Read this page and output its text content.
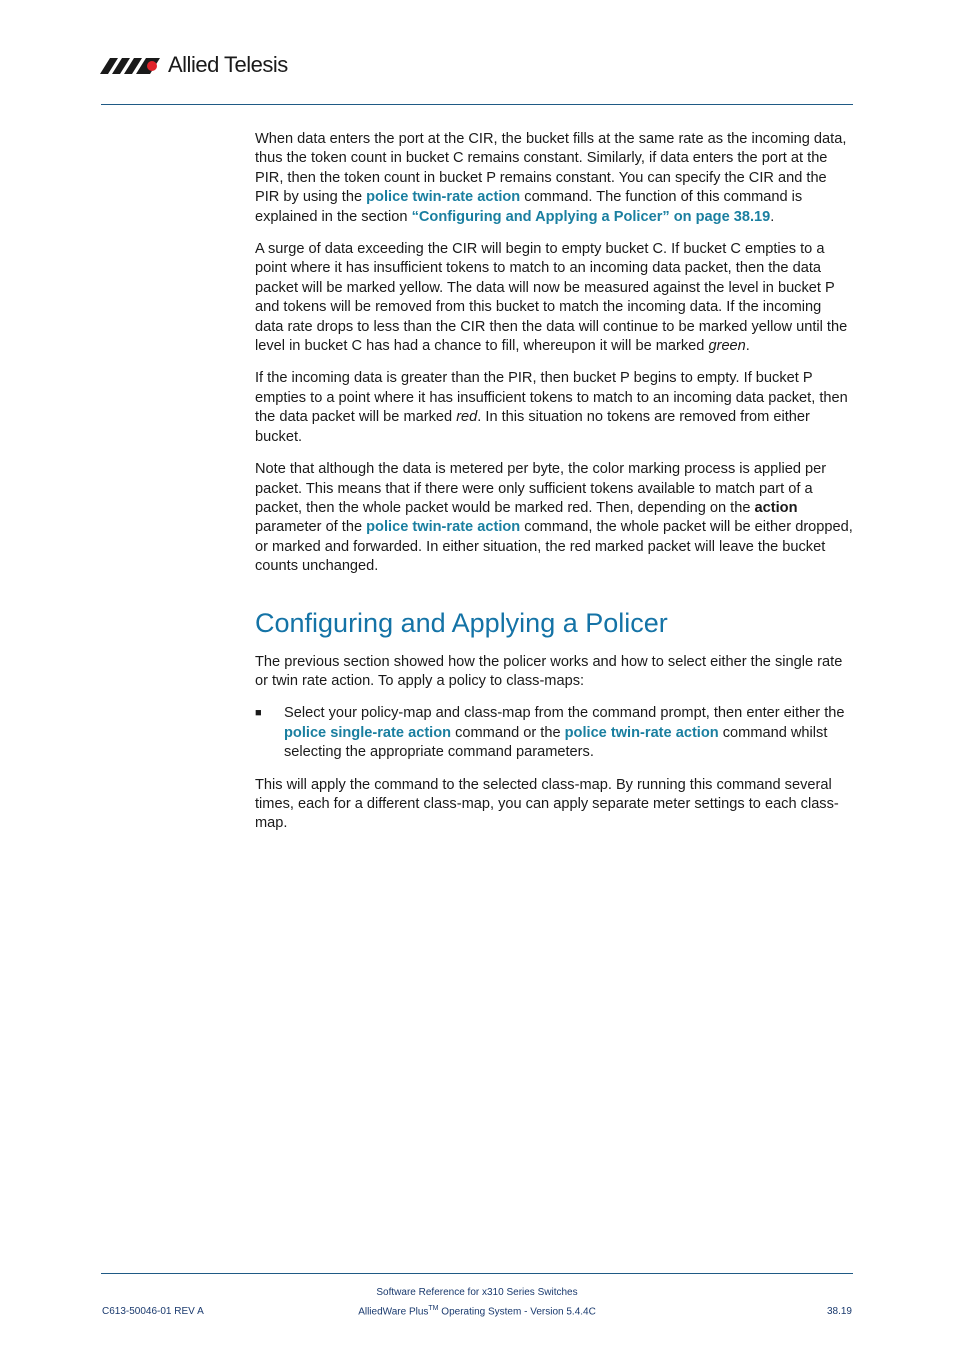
Allied Telesis

When data enters the port at the CIR, the bucket fills at the same rate as the incoming data, thus the token count in bucket C remains constant. Similarly, if data enters the port at the PIR, then the token count in bucket P remains constant. You can specify the CIR and the PIR by using the police twin-rate action command. The function of this command is explained in the section “Configuring and Applying a Policer” on page 38.19.

A surge of data exceeding the CIR will begin to empty bucket C. If bucket C empties to a point where it has insufficient tokens to match to an incoming data packet, then the data packet will be marked yellow. The data will now be measured against the level in bucket P and tokens will be removed from this bucket to match the incoming data. If the incoming data rate drops to less than the CIR then the data will continue to be marked yellow until the level in bucket C has had a chance to fill, whereupon it will be marked green.

If the incoming data is greater than the PIR, then bucket P begins to empty. If bucket P empties to a point where it has insufficient tokens to match to an incoming data packet, then the data packet will be marked red. In this situation no tokens are removed from either bucket.

Note that although the data is metered per byte, the color marking process is applied per packet. This means that if there were only sufficient tokens available to match part of a packet, then the whole packet would be marked red. Then, depending on the action parameter of the police twin-rate action command, the whole packet will be either dropped, or marked and forwarded. In either situation, the red marked packet will leave the bucket counts unchanged.

Configuring and Applying a Policer

The previous section showed how the policer works and how to select either the single rate or twin rate action. To apply a policy to class-maps:

■	Select your policy-map and class-map from the command prompt, then enter either the police single-rate action command or the police twin-rate action command whilst selecting the appropriate command parameters.

This will apply the command to the selected class-map. By running this command several times, each for a different class-map, you can apply separate meter settings to each class-map.

Software Reference for x310 Series Switches
AlliedWare Plus™ Operating System - Version 5.4.4C
C613-50046-01 REV A	38.19
